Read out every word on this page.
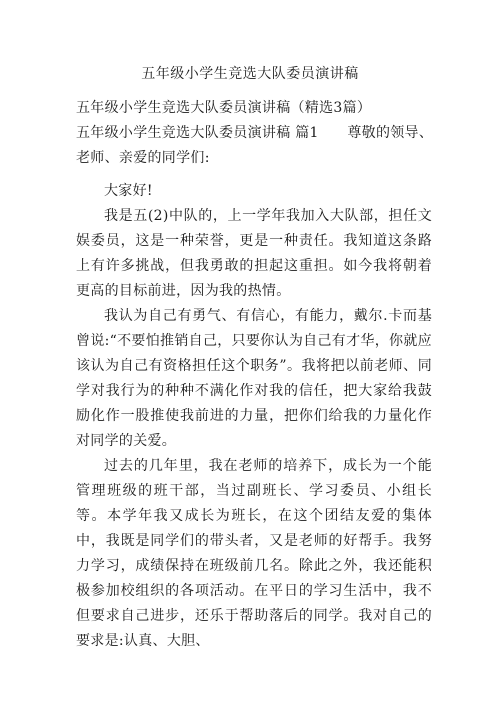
五年级小学生竞选大队委员演讲稿
五年级小学生竞选大队委员演讲稿（精选3篇）
五年级小学生竞选大队委员演讲稿 篇1　　尊敬的领导、
老师、亲爱的同学们:

大家好!

我是五(2)中队的，上一学年我加入大队部，担任文娱委员，这是一种荣誉，更是一种责任。我知道这条路上有许多挑战，但我勇敢的担起这重担。如今我将朝着更高的目标前进，因为我的热情。

我认为自己有勇气、有信心，有能力，戴尔.卡而基曾说:“不要怕推销自己，只要你认为自己有才华，你就应该认为自己有资格担任这个职务”。我将把以前老师、同学对我行为的种种不满化作对我的信任，把大家给我鼓励化作一股推使我前进的力量，把你们给我的力量化作对同学的关爱。

过去的几年里，我在老师的培养下，成长为一个能管理班级的班干部，当过副班长、学习委员、小组长等。本学年我又成长为班长，在这个团结友爱的集体中，我既是同学们的带头者，又是老师的好帮手。我努力学习，成绩保持在班级前几名。除此之外，我还能积极参加校组织的各项活动。在平日的学习生活中，我不但要求自己进步，还乐于帮助落后的同学。我对自己的要求是:认真、大胆、
